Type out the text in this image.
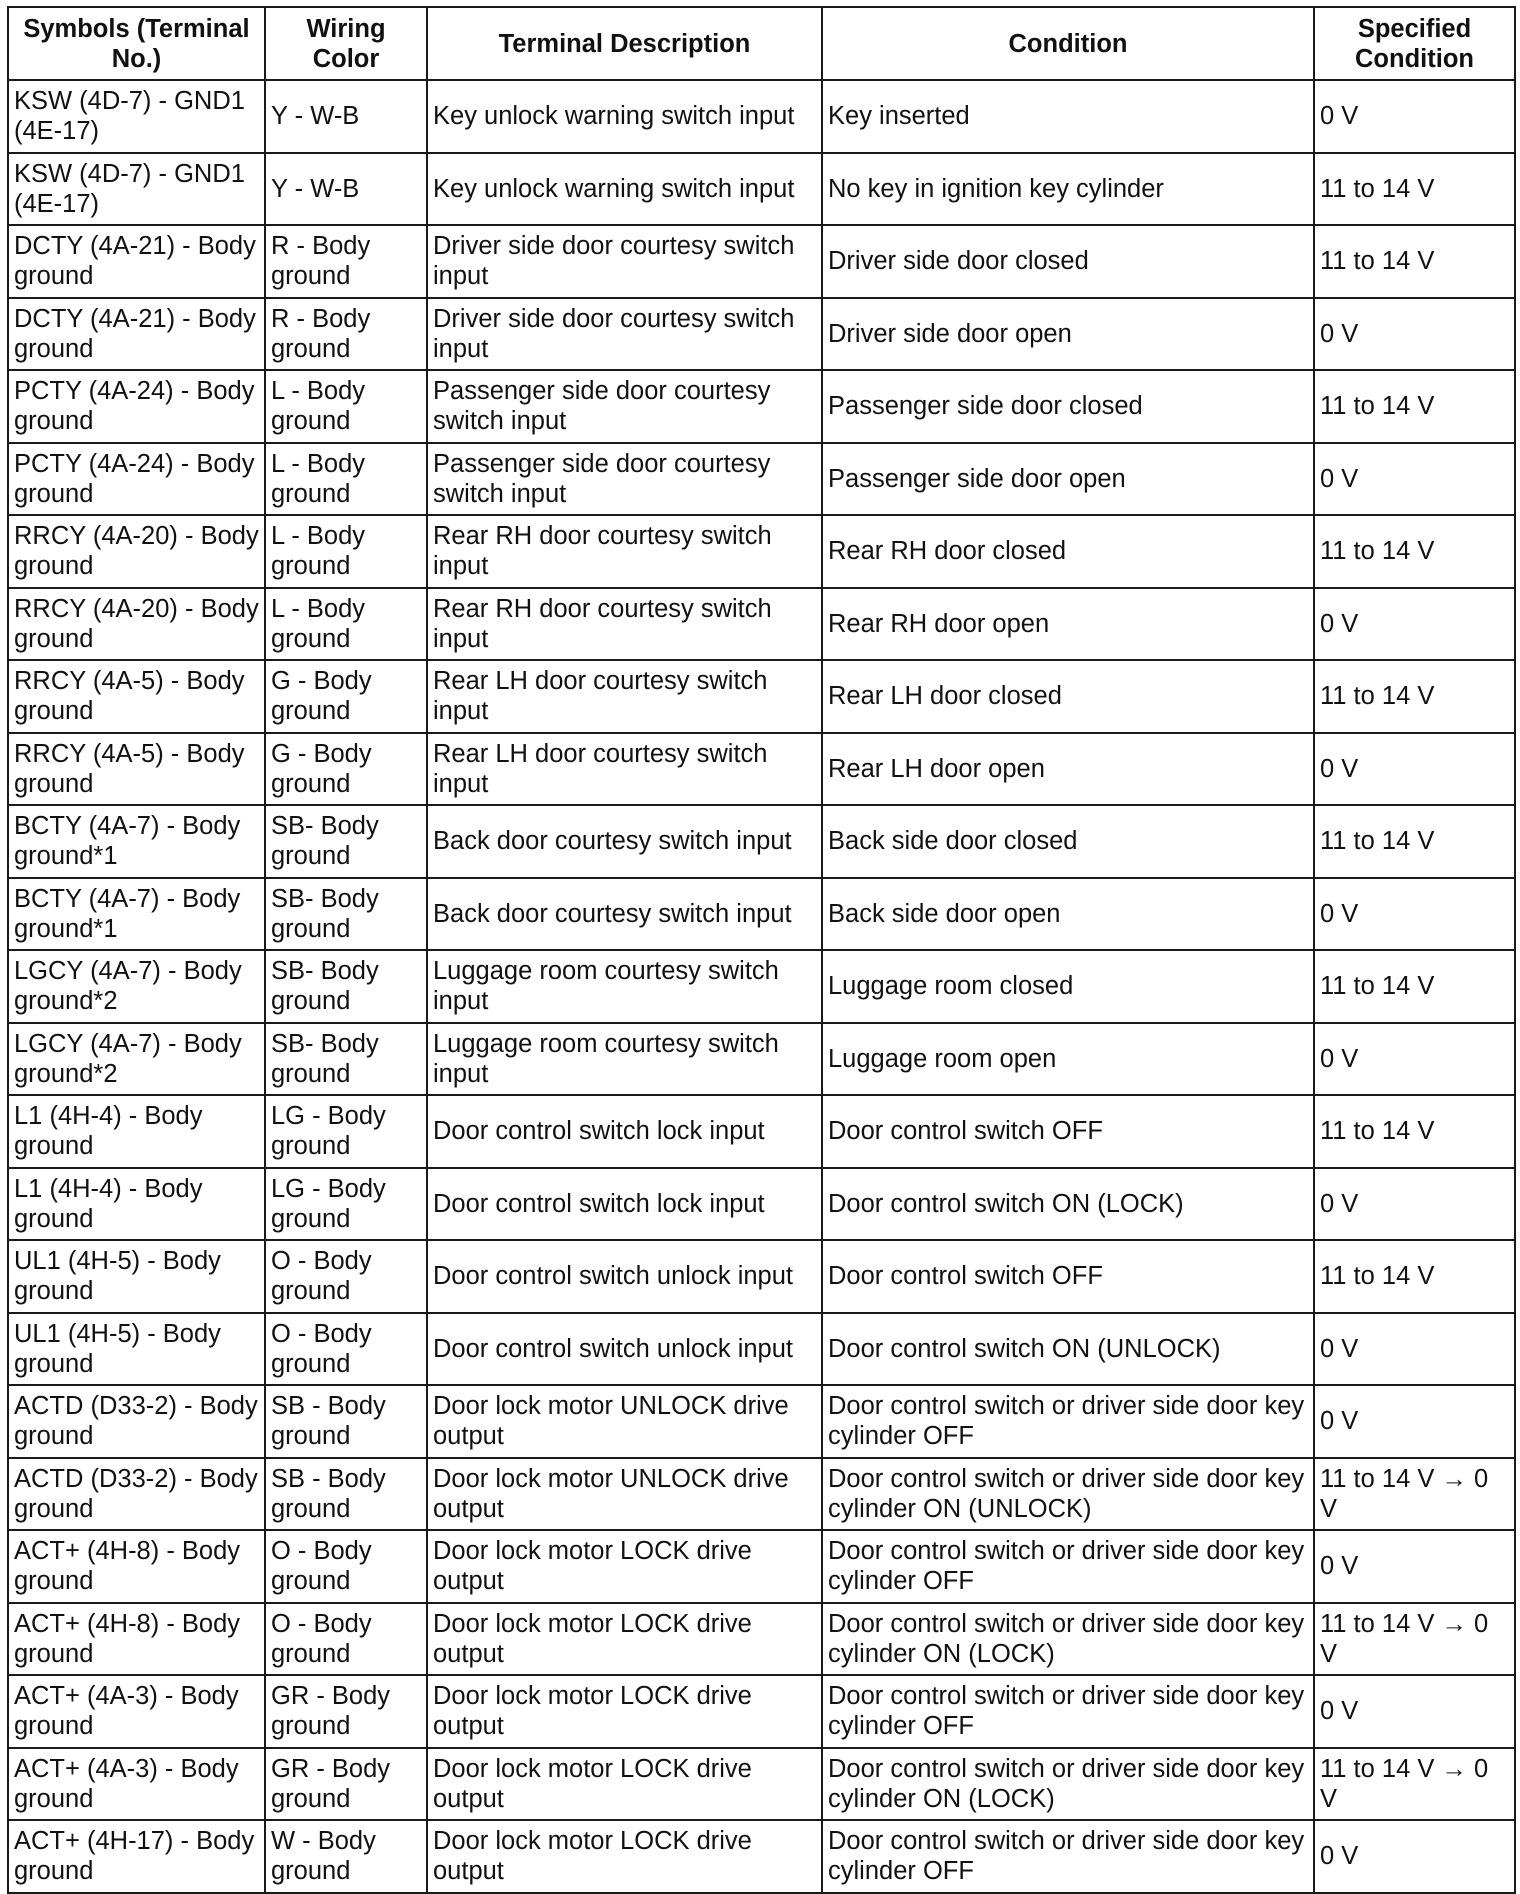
Symbols (Terminal No.)	Wiring Color	Terminal Description	Condition	Specified Condition
KSW (4D-7) - GND1 (4E-17)	Y - W-B	Key unlock warning switch input	Key inserted	0 V
KSW (4D-7) - GND1 (4E-17)	Y - W-B	Key unlock warning switch input	No key in ignition key cylinder	11 to 14 V
DCTY (4A-21) - Body ground	R - Body ground	Driver side door courtesy switch input	Driver side door closed	11 to 14 V
DCTY (4A-21) - Body ground	R - Body ground	Driver side door courtesy switch input	Driver side door open	0 V
PCTY (4A-24) - Body ground	L - Body ground	Passenger side door courtesy switch input	Passenger side door closed	11 to 14 V
PCTY (4A-24) - Body ground	L - Body ground	Passenger side door courtesy switch input	Passenger side door open	0 V
RRCY (4A-20) - Body ground	L - Body ground	Rear RH door courtesy switch input	Rear RH door closed	11 to 14 V
RRCY (4A-20) - Body ground	L - Body ground	Rear RH door courtesy switch input	Rear RH door open	0 V
RRCY (4A-5) - Body ground	G - Body ground	Rear LH door courtesy switch input	Rear LH door closed	11 to 14 V
RRCY (4A-5) - Body ground	G - Body ground	Rear LH door courtesy switch input	Rear LH door open	0 V
BCTY (4A-7) - Body ground*1	SB- Body ground	Back door courtesy switch input	Back side door closed	11 to 14 V
BCTY (4A-7) - Body ground*1	SB- Body ground	Back door courtesy switch input	Back side door open	0 V
LGCY (4A-7) - Body ground*2	SB- Body ground	Luggage room courtesy switch input	Luggage room closed	11 to 14 V
LGCY (4A-7) - Body ground*2	SB- Body ground	Luggage room courtesy switch input	Luggage room open	0 V
L1 (4H-4) - Body ground	LG - Body ground	Door control switch lock input	Door control switch OFF	11 to 14 V
L1 (4H-4) - Body ground	LG - Body ground	Door control switch lock input	Door control switch ON (LOCK)	0 V
UL1 (4H-5) - Body ground	O - Body ground	Door control switch unlock input	Door control switch OFF	11 to 14 V
UL1 (4H-5) - Body ground	O - Body ground	Door control switch unlock input	Door control switch ON (UNLOCK)	0 V
ACTD (D33-2) - Body ground	SB - Body ground	Door lock motor UNLOCK drive output	Door control switch or driver side door key cylinder OFF	0 V
ACTD (D33-2) - Body ground	SB - Body ground	Door lock motor UNLOCK drive output	Door control switch or driver side door key cylinder ON (UNLOCK)	11 to 14 V → 0 V
ACT+ (4H-8) - Body ground	O - Body ground	Door lock motor LOCK drive output	Door control switch or driver side door key cylinder OFF	0 V
ACT+ (4H-8) - Body ground	O - Body ground	Door lock motor LOCK drive output	Door control switch or driver side door key cylinder ON (LOCK)	11 to 14 V → 0 V
ACT+ (4A-3) - Body ground	GR - Body ground	Door lock motor LOCK drive output	Door control switch or driver side door key cylinder OFF	0 V
ACT+ (4A-3) - Body ground	GR - Body ground	Door lock motor LOCK drive output	Door control switch or driver side door key cylinder ON (LOCK)	11 to 14 V → 0 V
ACT+ (4H-17) - Body ground	W - Body ground	Door lock motor LOCK drive output	Door control switch or driver side door key cylinder OFF	0 V
